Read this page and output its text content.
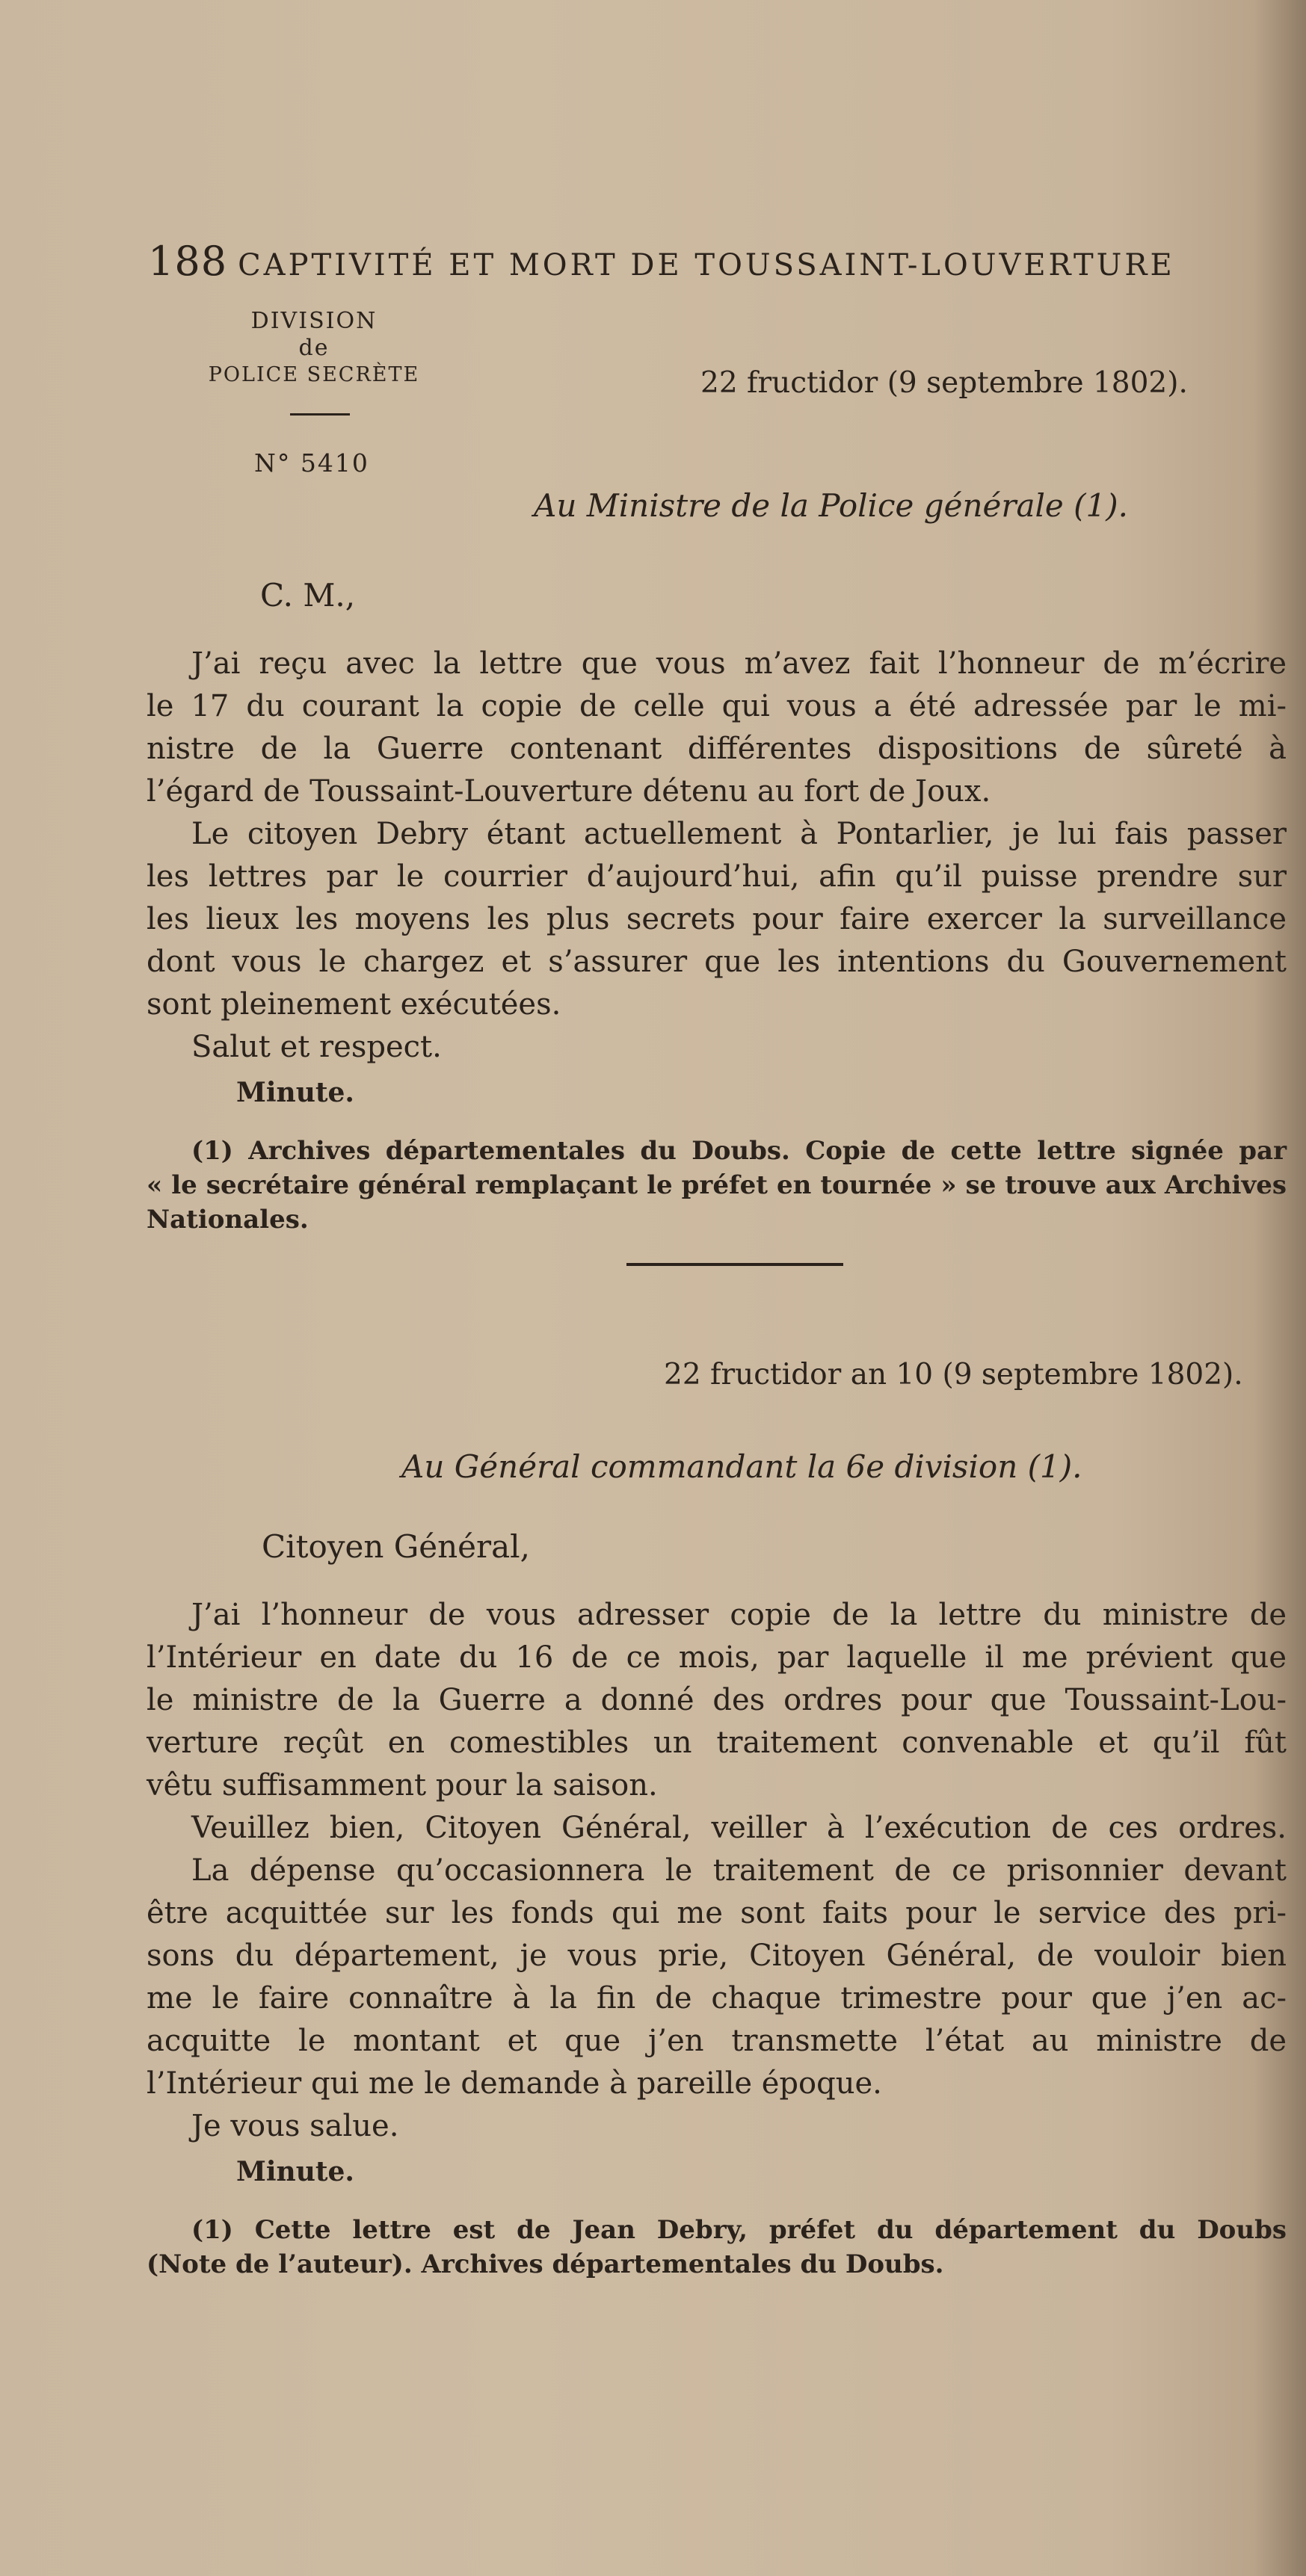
188 CAPTIVITÉ ET MORT DE TOUSSAINT-LOUVERTURE
DIVISION
de
POLICE SECRÈTE	22 fructidor (9 septembre 1802).
N° 5410
Au Ministre de la Police générale (1).
C. M.,
J’ai reçu avec la lettre que vous m’avez fait l’honneur de m’écrire
le 17 du courant la copie de celle qui vous a été adressée par le mi-
nistre de la Guerre contenant différentes dispositions de sûreté à
l’égard de Toussaint-Louverture détenu au fort de Joux.
Le citoyen Debry étant actuellement à Pontarlier, je lui fais passer
les lettres par le courrier d’aujourd’hui, afin qu’il puisse prendre sur
les lieux les moyens les plus secrets pour faire exercer la surveillance
dont vous le chargez et s’assurer que les intentions du Gouvernement
sont pleinement exécutées.
Salut et respect.
Minute.
(1) Archives départementales du Doubs. Copie de cette lettre signée par
« le secrétaire général remplaçant le préfet en tournée » se trouve aux Archives
Nationales.
22 fructidor an 10 (9 septembre 1802).
Au Général commandant la 6e division (1).
Citoyen Général,
J’ai l’honneur de vous adresser copie de la lettre du ministre de
l’Intérieur en date du 16 de ce mois, par laquelle il me prévient que
le ministre de la Guerre a donné des ordres pour que Toussaint-Lou-
verture reçût en comestibles un traitement convenable et qu’il fût
vêtu suffisamment pour la saison.
Veuillez bien, Citoyen Général, veiller à l’exécution de ces ordres.
La dépense qu’occasionnera le traitement de ce prisonnier devant
être acquittée sur les fonds qui me sont faits pour le service des pri-
sons du département, je vous prie, Citoyen Général, de vouloir bien
me le faire connaître à la fin de chaque trimestre pour que j’en ac-
acquitte le montant et que j’en transmette l’état au ministre de
l’Intérieur qui me le demande à pareille époque.
Je vous salue.
Minute.
(1) Cette lettre est de Jean Debry, préfet du département du Doubs
(Note de l’auteur). Archives départementales du Doubs.
